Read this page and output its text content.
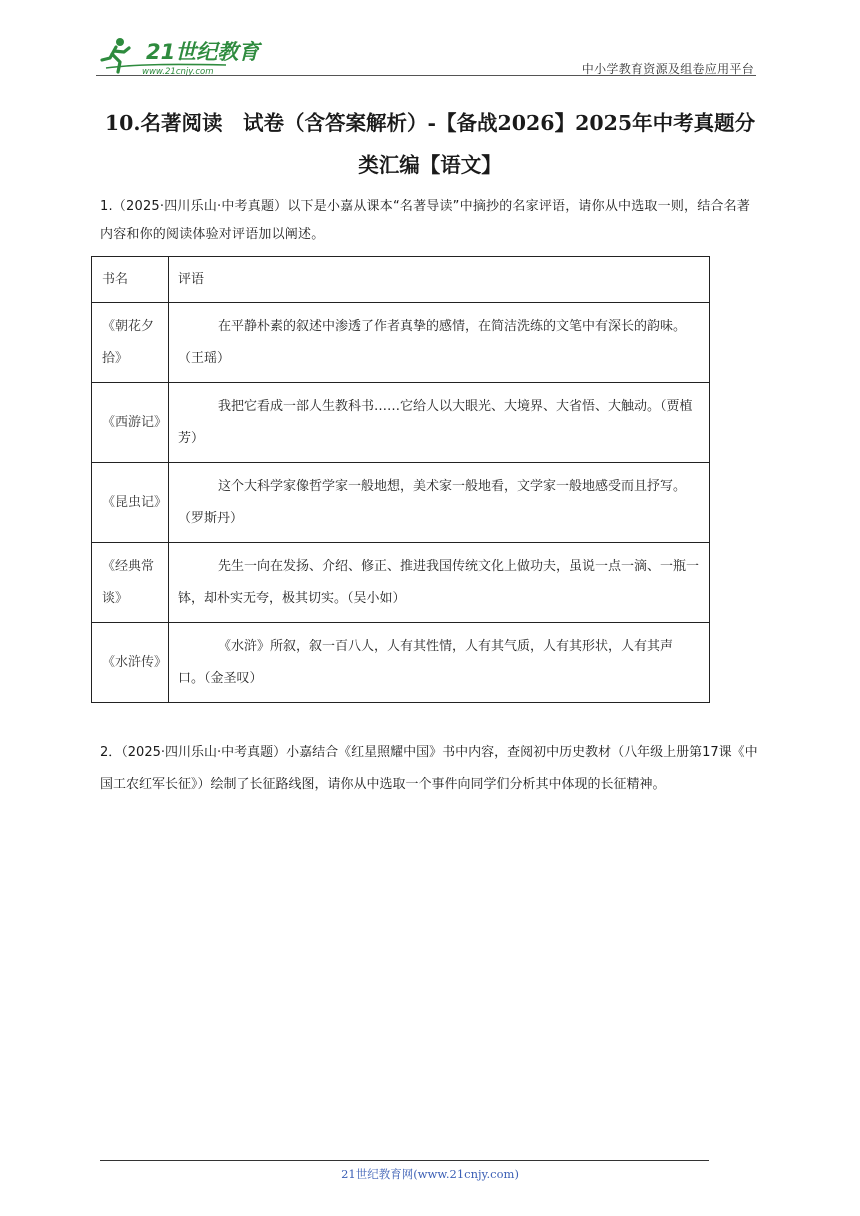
21世纪教育
www.21cnjy.com	中小学教育资源及组卷应用平台
10.名著阅读　试卷（含答案解析）-【备战2026】2025年中考真题分
类汇编【语文】
1.（2025·四川乐山·中考真题）以下是小嘉从课本“名著导读”中摘抄的名家评语，请你从中选取一则，结合名著内容和你的阅读体验对评语加以阐述。
书名	评语
《朝花夕拾》	在平静朴素的叙述中渗透了作者真挚的感情，在简洁洗练的文笔中有深长的韵味。（王瑶）
《西游记》	我把它看成一部人生教科书……它给人以大眼光、大境界、大省悟、大触动。（贾植芳）
《昆虫记》	这个大科学家像哲学家一般地想，美术家一般地看，文学家一般地感受而且抒写。（罗斯丹）
《经典常谈》	先生一向在发扬、介绍、修正、推进我国传统文化上做功夫，虽说一点一滴、一瓶一钵，却朴实无夸，极其切实。（吴小如）
《水浒传》	《水浒》所叙，叙一百八人，人有其性情，人有其气质，人有其形状，人有其声口。（金圣叹）
2．（2025·四川乐山·中考真题）小嘉结合《红星照耀中国》书中内容，查阅初中历史教材（八年级上册第17课《中国工农红军长征》）绘制了长征路线图，请你从中选取一个事件向同学们分析其中体现的长征精神。
21世纪教育网(www.21cnjy.com)
